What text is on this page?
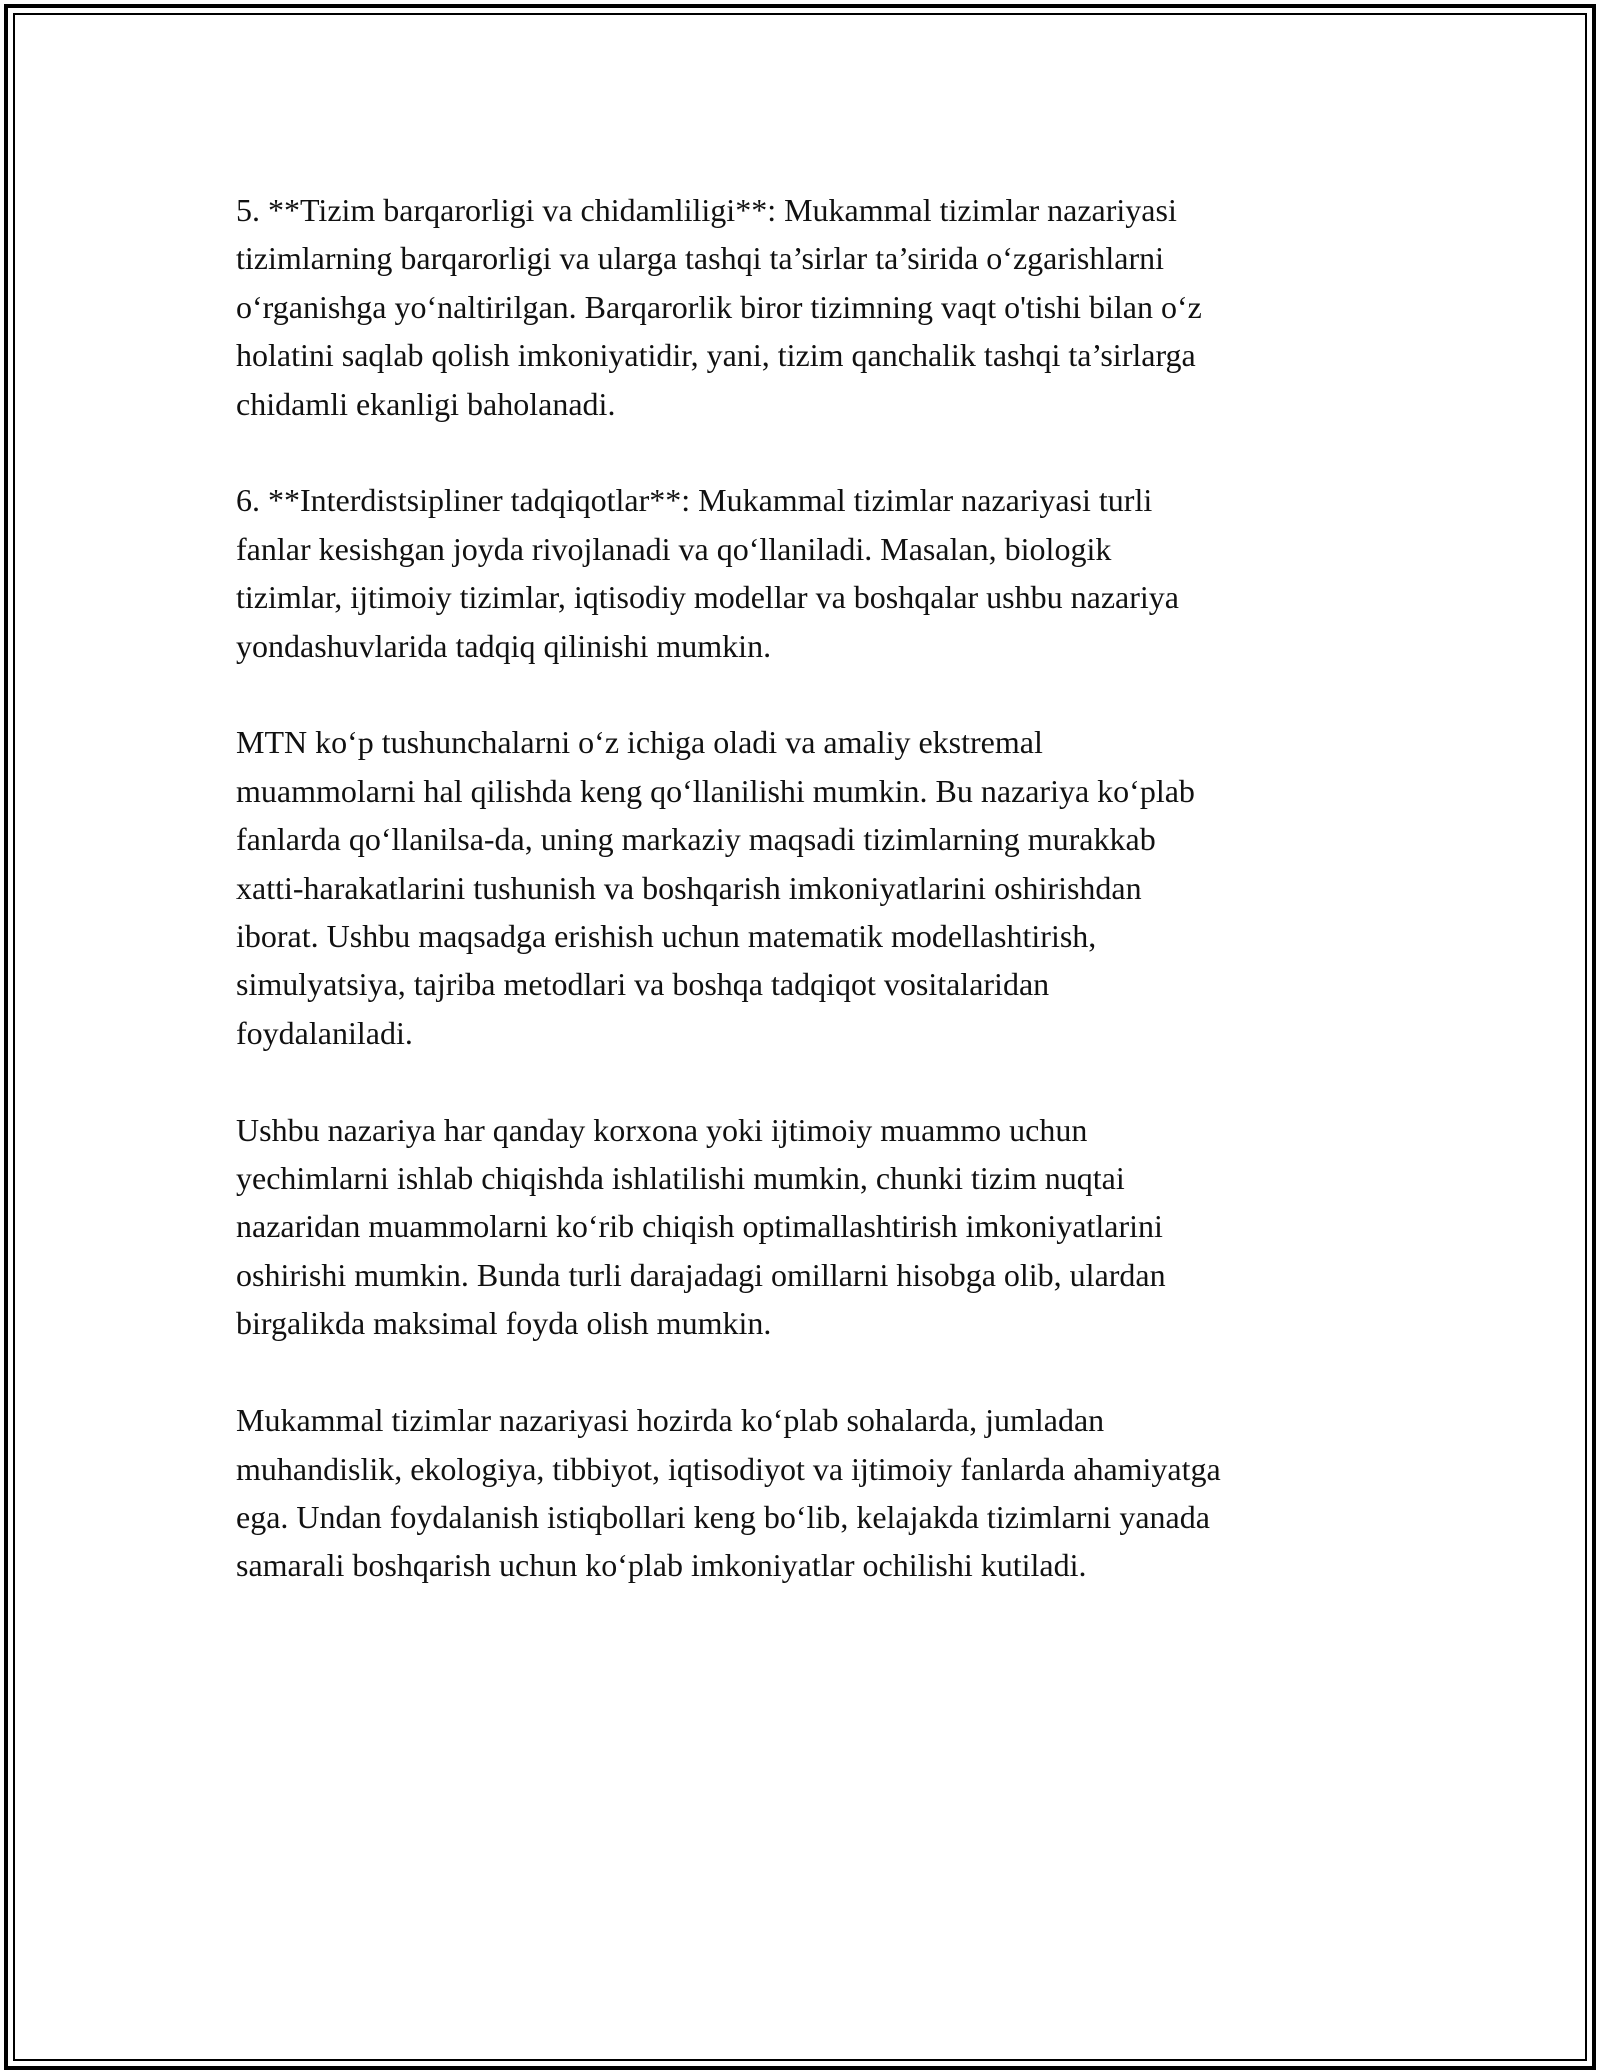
5. **Tizim barqarorligi va chidamliligi**: Mukammal tizimlar nazariyasi
tizimlarning barqarorligi va ularga tashqi ta’sirlar ta’sirida o‘zgarishlarni
o‘rganishga yo‘naltirilgan. Barqarorlik biror tizimning vaqt o'tishi bilan o‘z
holatini saqlab qolish imkoniyatidir, yani, tizim qanchalik tashqi ta’sirlarga
chidamli ekanligi baholanadi.

6. **Interdistsipliner tadqiqotlar**: Mukammal tizimlar nazariyasi turli
fanlar kesishgan joyda rivojlanadi va qo‘llaniladi. Masalan, biologik
tizimlar, ijtimoiy tizimlar, iqtisodiy modellar va boshqalar ushbu nazariya
yondashuvlarida tadqiq qilinishi mumkin.

MTN ko‘p tushunchalarni o‘z ichiga oladi va amaliy ekstremal
muammolarni hal qilishda keng qo‘llanilishi mumkin. Bu nazariya ko‘plab
fanlarda qo‘llanilsa-da, uning markaziy maqsadi tizimlarning murakkab
xatti-harakatlarini tushunish va boshqarish imkoniyatlarini oshirishdan
iborat. Ushbu maqsadga erishish uchun matematik modellashtirish,
simulyatsiya, tajriba metodlari va boshqa tadqiqot vositalaridan
foydalaniladi.

Ushbu nazariya har qanday korxona yoki ijtimoiy muammo uchun
yechimlarni ishlab chiqishda ishlatilishi mumkin, chunki tizim nuqtai
nazaridan muammolarni ko‘rib chiqish optimallashtirish imkoniyatlarini
oshirishi mumkin. Bunda turli darajadagi omillarni hisobga olib, ulardan
birgalikda maksimal foyda olish mumkin.

Mukammal tizimlar nazariyasi hozirda ko‘plab sohalarda, jumladan
muhandislik, ekologiya, tibbiyot, iqtisodiyot va ijtimoiy fanlarda ahamiyatga
ega. Undan foydalanish istiqbollari keng bo‘lib, kelajakda tizimlarni yanada
samarali boshqarish uchun ko‘plab imkoniyatlar ochilishi kutiladi.
